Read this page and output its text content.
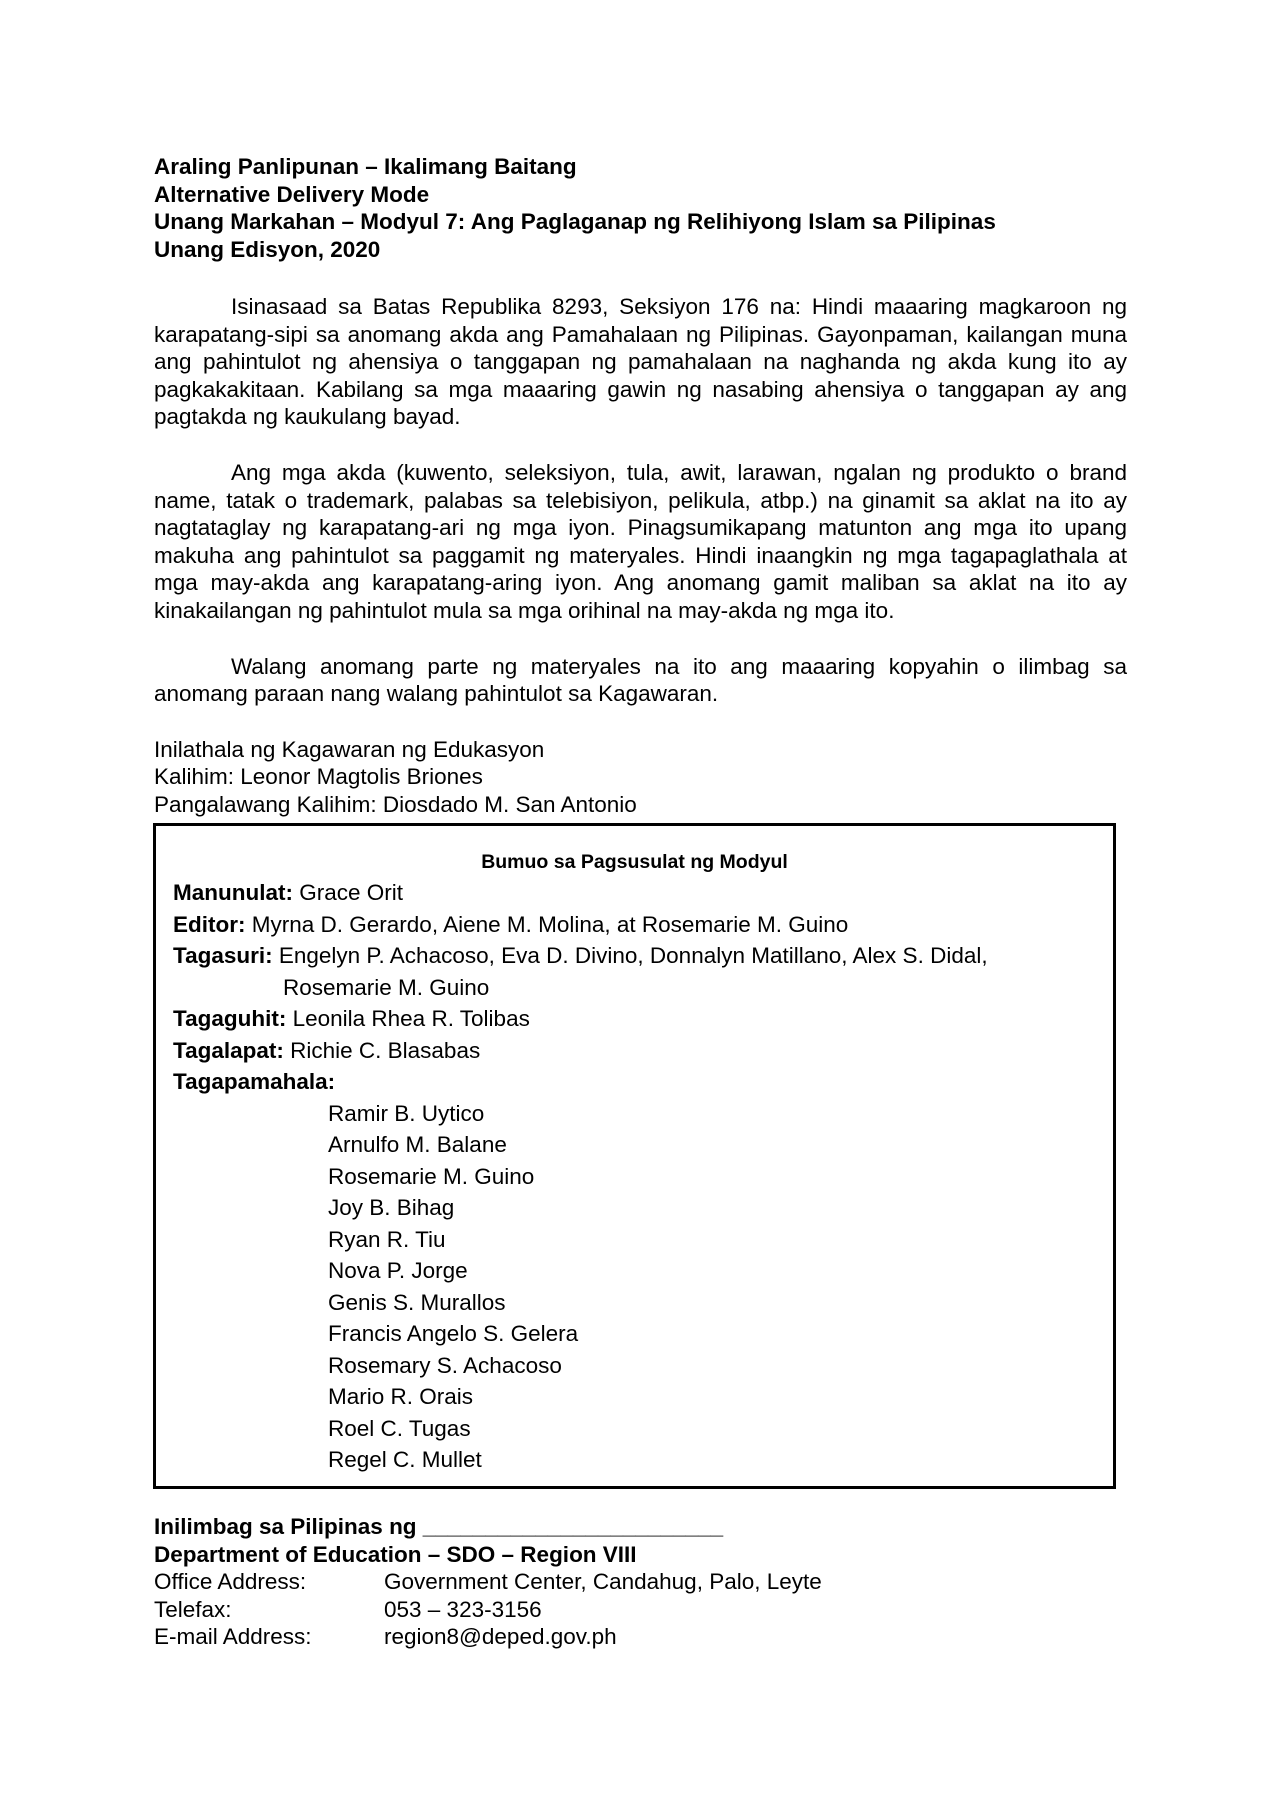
Araling Panlipunan – Ikalimang Baitang
Alternative Delivery Mode
Unang Markahan – Modyul 7: Ang Paglaganap ng Relihiyong Islam sa Pilipinas
Unang Edisyon, 2020

Isinasaad sa Batas Republika 8293, Seksiyon 176 na: Hindi maaaring magkaroon ng karapatang-sipi sa anomang akda ang Pamahalaan ng Pilipinas. Gayonpaman, kailangan muna ang pahintulot ng ahensiya o tanggapan ng pamahalaan na naghanda ng akda kung ito ay pagkakakitaan. Kabilang sa mga maaaring gawin ng nasabing ahensiya o tanggapan ay ang pagtakda ng kaukulang bayad.

Ang mga akda (kuwento, seleksiyon, tula, awit, larawan, ngalan ng produkto o brand name, tatak o trademark, palabas sa telebisiyon, pelikula, atbp.) na ginamit sa aklat na ito ay nagtataglay ng karapatang-ari ng mga iyon. Pinagsumikapang matunton ang mga ito upang makuha ang pahintulot sa paggamit ng materyales. Hindi inaangkin ng mga tagapaglathala at mga may-akda ang karapatang-aring iyon. Ang anomang gamit maliban sa aklat na ito ay kinakailangan ng pahintulot mula sa mga orihinal na may-akda ng mga ito.

Walang anomang parte ng materyales na ito ang maaaring kopyahin o ilimbag sa anomang paraan nang walang pahintulot sa Kagawaran.

Inilathala ng Kagawaran ng Edukasyon
Kalihim: Leonor Magtolis Briones
Pangalawang Kalihim: Diosdado M. San Antonio
Bumuo sa Pagsusulat ng Modyul
Manunulat: Grace Orit
Editor: Myrna D. Gerardo, Aiene M. Molina, at Rosemarie M. Guino
Tagasuri: Engelyn P. Achacoso, Eva D. Divino, Donnalyn Matillano, Alex S. Didal,
Rosemarie M. Guino
Tagaguhit: Leonila Rhea R. Tolibas
Tagalapat: Richie C. Blasabas
Tagapamahala:
Ramir B. Uytico
Arnulfo M. Balane
Rosemarie M. Guino
Joy B. Bihag
Ryan R. Tiu
Nova P. Jorge
Genis S. Murallos
Francis Angelo S. Gelera
Rosemary S. Achacoso
Mario R. Orais
Roel C. Tugas
Regel C. Mullet
Inilimbag sa Pilipinas ng ________________________
Department of Education – SDO – Region VIII
Office Address:	Government Center, Candahug, Palo, Leyte
Telefax:	053 – 323-3156
E-mail Address:	region8@deped.gov.ph
